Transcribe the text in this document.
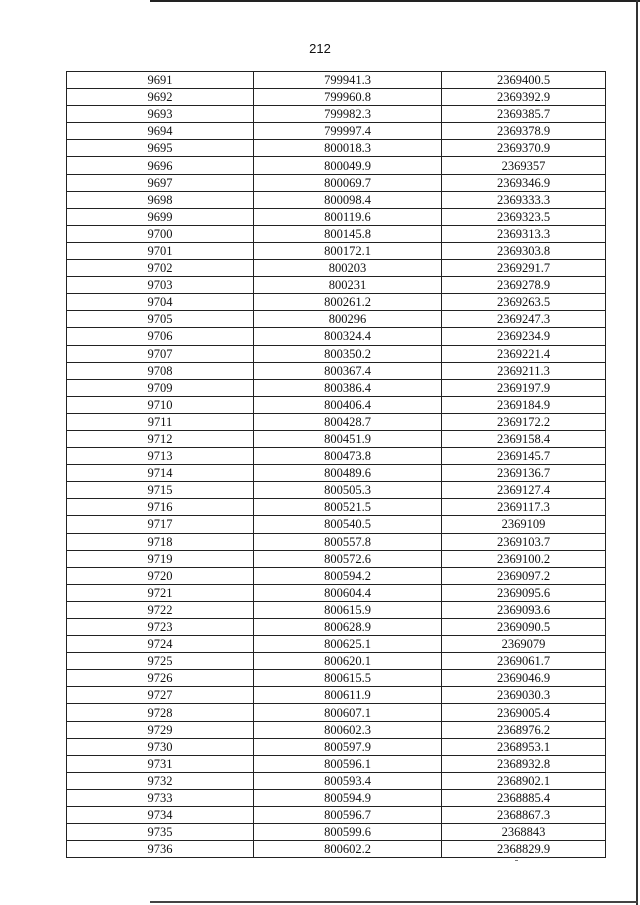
212
9691	799941.3	2369400.5
9692	799960.8	2369392.9
9693	799982.3	2369385.7
9694	799997.4	2369378.9
9695	800018.3	2369370.9
9696	800049.9	2369357
9697	800069.7	2369346.9
9698	800098.4	2369333.3
9699	800119.6	2369323.5
9700	800145.8	2369313.3
9701	800172.1	2369303.8
9702	800203	2369291.7
9703	800231	2369278.9
9704	800261.2	2369263.5
9705	800296	2369247.3
9706	800324.4	2369234.9
9707	800350.2	2369221.4
9708	800367.4	2369211.3
9709	800386.4	2369197.9
9710	800406.4	2369184.9
9711	800428.7	2369172.2
9712	800451.9	2369158.4
9713	800473.8	2369145.7
9714	800489.6	2369136.7
9715	800505.3	2369127.4
9716	800521.5	2369117.3
9717	800540.5	2369109
9718	800557.8	2369103.7
9719	800572.6	2369100.2
9720	800594.2	2369097.2
9721	800604.4	2369095.6
9722	800615.9	2369093.6
9723	800628.9	2369090.5
9724	800625.1	2369079
9725	800620.1	2369061.7
9726	800615.5	2369046.9
9727	800611.9	2369030.3
9728	800607.1	2369005.4
9729	800602.3	2368976.2
9730	800597.9	2368953.1
9731	800596.1	2368932.8
9732	800593.4	2368902.1
9733	800594.9	2368885.4
9734	800596.7	2368867.3
9735	800599.6	2368843
9736	800602.2	2368829.9
